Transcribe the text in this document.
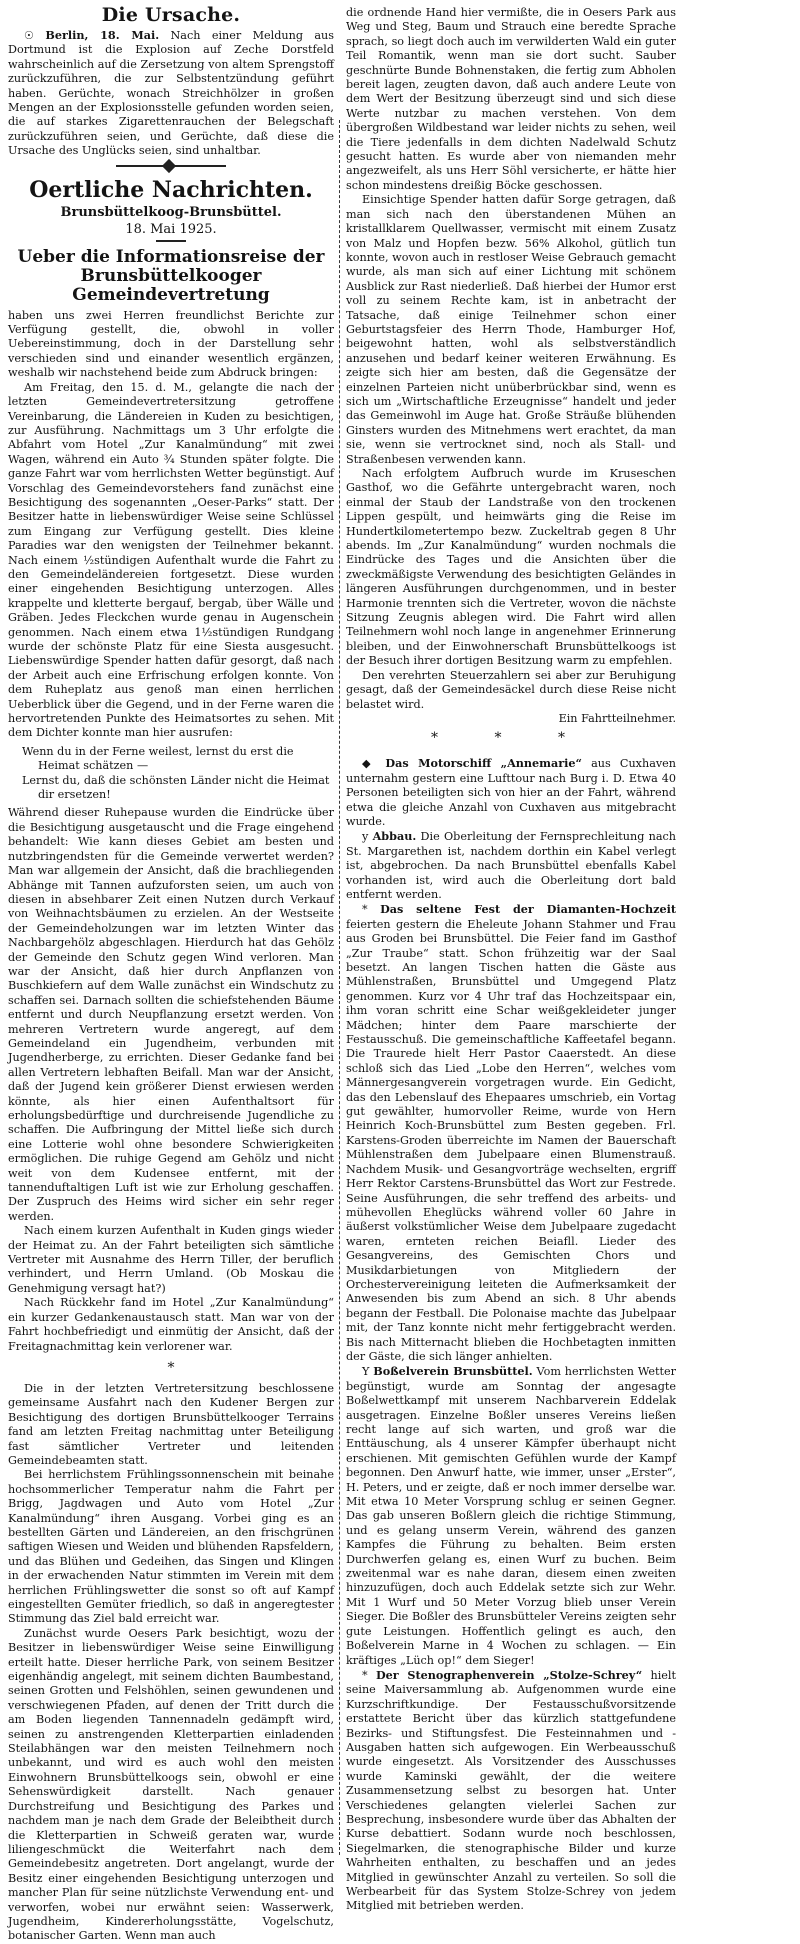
Die Ursache.

☉ Berlin, 18. Mai. Nach einer Meldung aus Dortmund ist die Explosion auf Zeche Dorstfeld wahrscheinlich auf die Zersetzung von altem Sprengstoff zurückzuführen, die zur Selbstentzündung geführt haben. Gerüchte, wonach Streichhölzer in großen Mengen an der Explosionsstelle gefunden worden seien, die auf starkes Zigarettenrauchen der Belegschaft zurückzuführen seien, und Gerüchte, daß diese die Ursache des Unglücks seien, sind unhaltbar.

Oertliche Nachrichten.
Brunsbüttelkoog-Brunsbüttel.
18. Mai 1925.
Ueber die Informationsreise der
Brunsbüttelkooger Gemeindevertretung

haben uns zwei Herren freundlichst Berichte zur Verfügung gestellt, die, obwohl in voller Uebereinstimmung, doch in der Darstellung sehr verschieden sind und einander wesentlich ergänzen, weshalb wir nachstehend beide zum Abdruck bringen:

Am Freitag, den 15. d. M., gelangte die nach der letzten Gemeindevertretersitzung getroffene Vereinbarung, die Ländereien in Kuden zu besichtigen, zur Ausführung. Nachmittags um 3 Uhr erfolgte die Abfahrt vom Hotel „Zur Kanalmündung“ mit zwei Wagen, während ein Auto ¾ Stunden später folgte. Die ganze Fahrt war vom herrlichsten Wetter begünstigt. Auf Vorschlag des Gemeindevorstehers fand zunächst eine Besichtigung des sogenannten „Oeser-Parks“ statt. Der Besitzer hatte in liebenswürdiger Weise seine Schlüssel zum Eingang zur Verfügung gestellt. Dies kleine Paradies war den wenigsten der Teilnehmer bekannt. Nach einem ½stündigen Aufenthalt wurde die Fahrt zu den Gemeindeländereien fortgesetzt. Diese wurden einer eingehenden Besichtigung unterzogen. Alles krappelte und kletterte bergauf, bergab, über Wälle und Gräben. Jedes Fleckchen wurde genau in Augenschein genommen. Nach einem etwa 1½stündigen Rundgang wurde der schönste Platz für eine Siesta ausgesucht. Liebenswürdige Spender hatten dafür gesorgt, daß nach der Arbeit auch eine Erfrischung erfolgen konnte. Von dem Ruheplatz aus genoß man einen herrlichen Ueberblick über die Gegend, und in der Ferne waren die hervortretenden Punkte des Heimatsortes zu sehen. Mit dem Dichter konnte man hier ausrufen:

Wenn du in der Ferne weilest, lernst du erst die Heimat schätzen —
Lernst du, daß die schönsten Länder nicht die Heimat dir ersetzen!

Während dieser Ruhepause wurden die Eindrücke über die Besichtigung ausgetauscht und die Frage eingehend behandelt: Wie kann dieses Gebiet am besten und nutzbringendsten für die Gemeinde verwertet werden? Man war allgemein der Ansicht, daß die brachliegenden Abhänge mit Tannen aufzuforsten seien, um auch von diesen in absehbarer Zeit einen Nutzen durch Verkauf von Weihnachtsbäumen zu erzielen. An der Westseite der Gemeindeholzungen war im letzten Winter das Nachbargehölz abgeschlagen. Hierdurch hat das Gehölz der Gemeinde den Schutz gegen Wind verloren. Man war der Ansicht, daß hier durch Anpflanzen von Buschkiefern auf dem Walle zunächst ein Windschutz zu schaffen sei. Darnach sollten die schiefstehenden Bäume entfernt und durch Neupflanzung ersetzt werden. Von mehreren Vertretern wurde angeregt, auf dem Gemeindeland ein Jugendheim, verbunden mit Jugendherberge, zu errichten. Dieser Gedanke fand bei allen Vertretern lebhaften Beifall. Man war der Ansicht, daß der Jugend kein größerer Dienst erwiesen werden könnte, als hier einen Aufenthaltsort für erholungsbedürftige und durchreisende Jugendliche zu schaffen. Die Aufbringung der Mittel ließe sich durch eine Lotterie wohl ohne besondere Schwierigkeiten ermöglichen. Die ruhige Gegend am Gehölz und nicht weit von dem Kudensee entfernt, mit der tannenduftaltigen Luft ist wie zur Erholung geschaffen. Der Zuspruch des Heims wird sicher ein sehr reger werden.

Nach einem kurzen Aufenthalt in Kuden gings wieder der Heimat zu. An der Fahrt beteiligten sich sämtliche Vertreter mit Ausnahme des Herrn Tiller, der beruflich verhindert, und Herrn Umland. (Ob Moskau die Genehmigung versagt hat?)

Nach Rückkehr fand im Hotel „Zur Kanalmündung“ ein kurzer Gedankenaustausch statt. Man war von der Fahrt hochbefriedigt und einmütig der Ansicht, daß der Freitagnachmittag kein verlorener war.

*

Die in der letzten Vertretersitzung beschlossene gemeinsame Ausfahrt nach den Kudener Bergen zur Besichtigung des dortigen Brunsbüttelkooger Terrains fand am letzten Freitag nachmittag unter Beteiligung fast sämtlicher Vertreter und leitenden Gemeindebeamten statt.

Bei herrlichstem Frühlingssonnenschein mit beinahe hochsommerlicher Temperatur nahm die Fahrt per Brigg, Jagdwagen und Auto vom Hotel „Zur Kanalmündung“ ihren Ausgang. Vorbei ging es an bestellten Gärten und Ländereien, an den frischgrünen saftigen Wiesen und Weiden und blühenden Rapsfeldern, und das Blühen und Gedeihen, das Singen und Klingen in der erwachenden Natur stimmten im Verein mit dem herrlichen Frühlingswetter die sonst so oft auf Kampf eingestellten Gemüter friedlich, so daß in angeregtester Stimmung das Ziel bald erreicht war.

Zunächst wurde Oesers Park besichtigt, wozu der Besitzer in liebenswürdiger Weise seine Einwilligung erteilt hatte. Dieser herrliche Park, von seinem Besitzer eigenhändig angelegt, mit seinem dichten Baumbestand, seinen Grotten und Felshöhlen, seinen gewundenen und verschwiegenen Pfaden, auf denen der Tritt durch die am Boden liegenden Tannennadeln gedämpft wird, seinen zu anstrengenden Kletterpartien einladenden Steilabhängen war den meisten Teilnehmern noch unbekannt, und wird es auch wohl den meisten Einwohnern Brunsbüttelkoogs sein, obwohl er eine Sehenswürdigkeit darstellt. Nach genauer Durchstreifung und Besichtigung des Parkes und nachdem man je nach dem Grade der Beleibtheit durch die Kletterpartien in Schweiß geraten war, wurde liliengeschmückt die Weiterfahrt nach dem Gemeindebesitz angetreten. Dort angelangt, wurde der Besitz einer eingehenden Besichtigung unterzogen und mancher Plan für seine nützlichste Verwendung ent- und verworfen, wobei nur erwähnt seien: Wasserwerk, Jugendheim, Kindererholungsstätte, Vogelschutz, botanischer Garten. Wenn man auch

die ordnende Hand hier vermißte, die in Oesers Park aus Weg und Steg, Baum und Strauch eine beredte Sprache sprach, so liegt doch auch im verwilderten Wald ein guter Teil Romantik, wenn man sie dort sucht. Sauber geschnürte Bunde Bohnenstaken, die fertig zum Abholen bereit lagen, zeugten davon, daß auch andere Leute von dem Wert der Besitzung überzeugt sind und sich diese Werte nutzbar zu machen verstehen. Von dem übergroßen Wildbestand war leider nichts zu sehen, weil die Tiere jedenfalls in dem dichten Nadelwald Schutz gesucht hatten. Es wurde aber von niemanden mehr angezweifelt, als uns Herr Söhl versicherte, er hätte hier schon mindestens dreißig Böcke geschossen.

Einsichtige Spender hatten dafür Sorge getragen, daß man sich nach den überstandenen Mühen an kristallklarem Quellwasser, vermischt mit einem Zusatz von Malz und Hopfen bezw. 56% Alkohol, gütlich tun konnte, wovon auch in restloser Weise Gebrauch gemacht wurde, als man sich auf einer Lichtung mit schönem Ausblick zur Rast niederließ. Daß hierbei der Humor erst voll zu seinem Rechte kam, ist in anbetracht der Tatsache, daß einige Teilnehmer schon einer Geburtstagsfeier des Herrn Thode, Hamburger Hof, beigewohnt hatten, wohl als selbstverständlich anzusehen und bedarf keiner weiteren Erwähnung. Es zeigte sich hier am besten, daß die Gegensätze der einzelnen Parteien nicht unüberbrückbar sind, wenn es sich um „Wirtschaftliche Erzeugnisse“ handelt und jeder das Gemeinwohl im Auge hat. Große Sträuße blühenden Ginsters wurden des Mitnehmens wert erachtet, da man sie, wenn sie vertrocknet sind, noch als Stall- und Straßenbesen verwenden kann.

Nach erfolgtem Aufbruch wurde im Kruseschen Gasthof, wo die Gefährte untergebracht waren, noch einmal der Staub der Landstraße von den trockenen Lippen gespült, und heimwärts ging die Reise im Hundertkilometertempo bezw. Zuckeltrab gegen 8 Uhr abends. Im „Zur Kanalmündung“ wurden nochmals die Eindrücke des Tages und die Ansichten über die zweckmäßigste Verwendung des besichtigten Geländes in längeren Ausführungen durchgenommen, und in bester Harmonie trennten sich die Vertreter, wovon die nächste Sitzung Zeugnis ablegen wird. Die Fahrt wird allen Teilnehmern wohl noch lange in angenehmer Erinnerung bleiben, und der Einwohnerschaft Brunsbüttelkoogs ist der Besuch ihrer dortigen Besitzung warm zu empfehlen.

Den verehrten Steuerzahlern sei aber zur Beruhigung gesagt, daß der Gemeindesäckel durch diese Reise nicht belastet wird.

Ein Fahrtteilnehmer.
* * *

◆ Das Motorschiff „Annemarie“ aus Cuxhaven unternahm gestern eine Lufttour nach Burg i. D. Etwa 40 Personen beteiligten sich von hier an der Fahrt, während etwa die gleiche Anzahl von Cuxhaven aus mitgebracht wurde.

y Abbau. Die Oberleitung der Fernsprechleitung nach St. Margarethen ist, nachdem dorthin ein Kabel verlegt ist, abgebrochen. Da nach Brunsbüttel ebenfalls Kabel vorhanden ist, wird auch die Oberleitung dort bald entfernt werden.

* Das seltene Fest der Diamanten-Hochzeit feierten gestern die Eheleute Johann Stahmer und Frau aus Groden bei Brunsbüttel. Die Feier fand im Gasthof „Zur Traube“ statt. Schon frühzeitig war der Saal besetzt. An langen Tischen hatten die Gäste aus Mühlenstraßen, Brunsbüttel und Umgegend Platz genommen. Kurz vor 4 Uhr traf das Hochzeitspaar ein, ihm voran schritt eine Schar weißgekleideter junger Mädchen; hinter dem Paare marschierte der Festausschuß. Die gemeinschaftliche Kaffeetafel begann. Die Traurede hielt Herr Pastor Caaerstedt. An diese schloß sich das Lied „Lobe den Herren“, welches vom Männergesangverein vorgetragen wurde. Ein Gedicht, das den Lebenslauf des Ehepaares umschrieb, ein Vortag gut gewählter, humorvoller Reime, wurde von Hern Heinrich Koch-Brunsbüttel zum Besten gegeben. Frl. Karstens-Groden überreichte im Namen der Bauerschaft Mühlenstraßen dem Jubelpaare einen Blumenstrauß. Nachdem Musik- und Gesangvorträge wechselten, ergriff Herr Rektor Carstens-Brunsbüttel das Wort zur Festrede. Seine Ausführungen, die sehr treffend des arbeits- und mühevollen Eheglücks während voller 60 Jahre in äußerst volkstümlicher Weise dem Jubelpaare zugedacht waren, ernteten reichen Beiafll. Lieder des Gesangvereins, des Gemischten Chors und Musikdarbietungen von Mitgliedern der Orchestervereinigung leiteten die Aufmerksamkeit der Anwesenden bis zum Abend an sich. 8 Uhr abends begann der Festball. Die Polonaise machte das Jubelpaar mit, der Tanz konnte nicht mehr fertiggebracht werden. Bis nach Mitternacht blieben die Hochbetagten inmitten der Gäste, die sich länger anhielten.

Y Boßelverein Brunsbüttel. Vom herrlichsten Wetter begünstigt, wurde am Sonntag der angesagte Boßelwettkampf mit unserem Nachbarverein Eddelak ausgetragen. Einzelne Boßler unseres Vereins ließen recht lange auf sich warten, und groß war die Enttäuschung, als 4 unserer Kämpfer überhaupt nicht erschienen. Mit gemischten Gefühlen wurde der Kampf begonnen. Den Anwurf hatte, wie immer, unser „Erster“, H. Peters, und er zeigte, daß er noch immer derselbe war. Mit etwa 10 Meter Vorsprung schlug er seinen Gegner. Das gab unseren Boßlern gleich die richtige Stimmung, und es gelang unserm Verein, während des ganzen Kampfes die Führung zu behalten. Beim ersten Durchwerfen gelang es, einen Wurf zu buchen. Beim zweitenmal war es nahe daran, diesem einen zweiten hinzuzufügen, doch auch Eddelak setzte sich zur Wehr. Mit 1 Wurf und 50 Meter Vorzug blieb unser Verein Sieger. Die Boßler des Brunsbütteler Vereins zeigten sehr gute Leistungen. Hoffentlich gelingt es auch, den Boßelverein Marne in 4 Wochen zu schlagen. — Ein kräftiges „Lüch op!“ dem Sieger!

* Der Stenographenverein „Stolze-Schrey“ hielt seine Maiversammlung ab. Aufgenommen wurde eine Kurzschriftkundige. Der Festausschußvorsitzende erstattete Bericht über das kürzlich stattgefundene Bezirks- und Stiftungsfest. Die Festeinnahmen und -Ausgaben hatten sich aufgewogen. Ein Werbeausschuß wurde eingesetzt. Als Vorsitzender des Ausschusses wurde Kaminski gewählt, der die weitere Zusammensetzung selbst zu besorgen hat. Unter Verschiedenes gelangten vielerlei Sachen zur Besprechung, insbesondere wurde über das Abhalten der Kurse debattiert. Sodann wurde noch beschlossen, Siegelmarken, die stenographische Bilder und kurze Wahrheiten enthalten, zu beschaffen und an jedes Mitglied in gewünschter Anzahl zu verteilen. So soll die Werbearbeit für das System Stolze-Schrey von jedem Mitglied mit betrieben werden.
